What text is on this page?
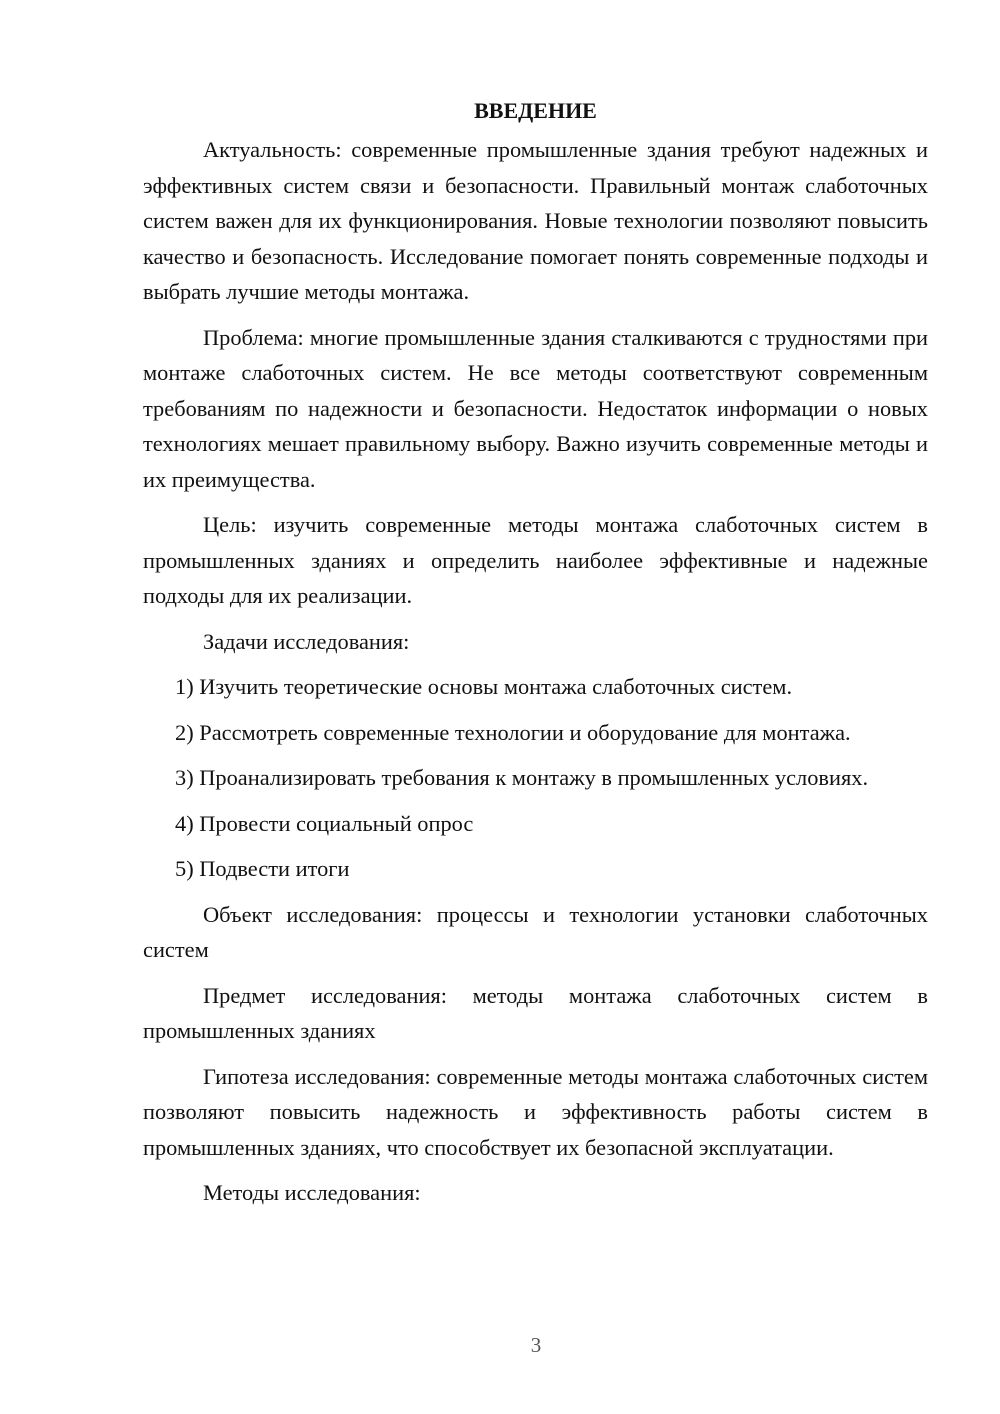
ВВЕДЕНИЕ

Актуальность: современные промышленные здания требуют надежных и эффективных систем связи и безопасности. Правильный монтаж слаботочных систем важен для их функционирования. Новые технологии позволяют повысить качество и безопасность. Исследование помогает понять современные подходы и выбрать лучшие методы монтажа.

Проблема: многие промышленные здания сталкиваются с трудностями при монтаже слаботочных систем. Не все методы соответствуют современным требованиям по надежности и безопасности. Недостаток информации о новых технологиях мешает правильному выбору. Важно изучить современные методы и их преимущества.

Цель: изучить современные методы монтажа слаботочных систем в промышленных зданиях и определить наиболее эффективные и надежные подходы для их реализации.

Задачи исследования:

1) Изучить теоретические основы монтажа слаботочных систем.

2) Рассмотреть современные технологии и оборудование для монтажа.

3) Проанализировать требования к монтажу в промышленных условиях.

4) Провести социальный опрос

5) Подвести итоги

Объект исследования: процессы и технологии установки слаботочных систем

Предмет исследования: методы монтажа слаботочных систем в промышленных зданиях

Гипотеза исследования: современные методы монтажа слаботочных систем позволяют повысить надежность и эффективность работы систем в промышленных зданиях, что способствует их безопасной эксплуатации.

Методы исследования:

3
